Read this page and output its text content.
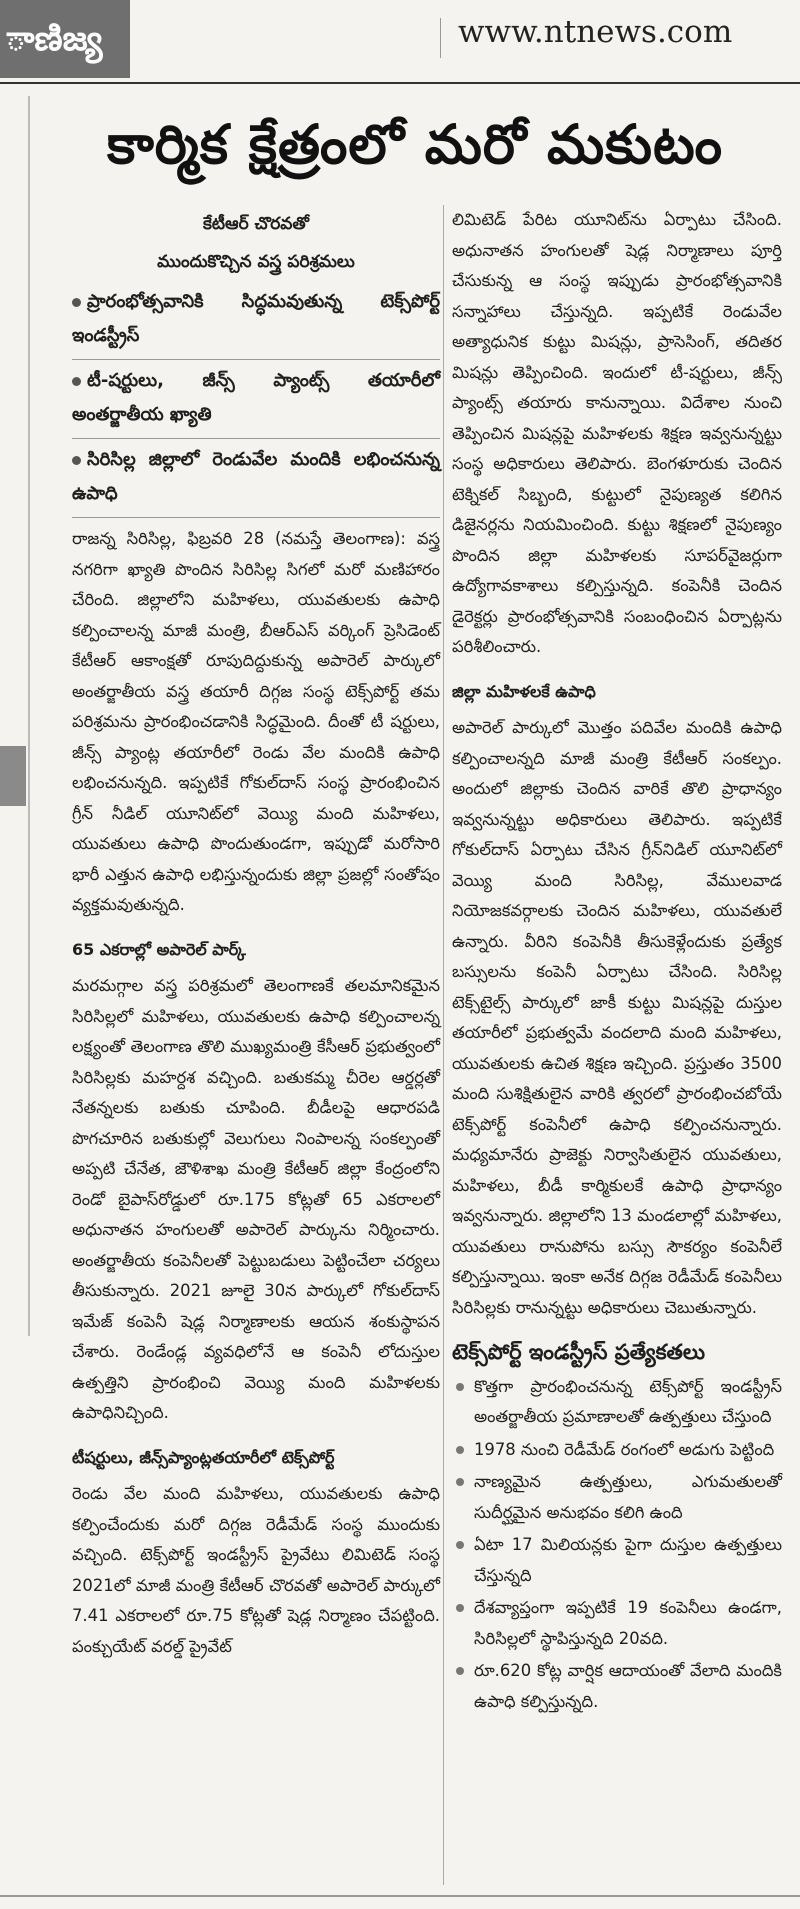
ాణిజ్య	www.ntnews.com
కార్మిక క్షేత్రంలో మరో మకుటం
కేటీఆర్ చొరవతో
ముందుకొచ్చిన వస్త్ర పరిశ్రమలు
ప్రారంభోత్సవానికి సిద్ధమవుతున్న టెక్స్‌పోర్ట్ ఇండస్ట్రీస్
టీ-షర్టులు, జీన్స్ ప్యాంట్స్ తయారీలో అంతర్జాతీయ ఖ్యాతి
సిరిసిల్ల జిల్లాలో రెండువేల మందికి లభించనున్న ఉపాధి

రాజన్న సిరిసిల్ల, ఫిబ్రవరి 28 (నమస్తే తెలంగాణ): వస్త్ర నగరిగా ఖ్యాతి పొందిన సిరిసిల్ల సిగలో మరో మణిహారం చేరింది. జిల్లాలోని మహిళలు, యువతులకు ఉపాధి కల్పించాలన్న మాజీ మంత్రి, బీఆర్ఎస్ వర్కింగ్ ప్రెసిడెంట్ కేటీఆర్ ఆకాంక్షతో రూపుదిద్దుకున్న అపారెల్ పార్కులో అంతర్జాతీయ వస్త్ర తయారీ దిగ్గజ సంస్థ టెక్స్‌పోర్ట్ తమ పరిశ్రమను ప్రారంభించడానికి సిద్ధమైంది. దీంతో టీ షర్టులు, జీన్స్ ప్యాంట్ల తయారీలో రెండు వేల మందికి ఉపాధి లభించనున్నది. ఇప్పటికే గోకుల్‌దాస్ సంస్థ ప్రారంభించిన గ్రీన్ నీడిల్ యూనిట్‌లో వెయ్యి మంది మహిళలు, యువతులు ఉపాధి పొందుతుండగా, ఇప్పుడో మరోసారి భారీ ఎత్తున ఉపాధి లభిస్తున్నందుకు జిల్లా ప్రజల్లో సంతోషం వ్యక్తమవుతున్నది.

65 ఎకరాల్లో అపారెల్ పార్క్

మరమగ్గాల వస్త్ర పరిశ్రమలో తెలంగాణకే తలమానికమైన సిరిసిల్లలో మహిళలు, యువతులకు ఉపాధి కల్పించాలన్న లక్ష్యంతో తెలంగాణ తొలి ముఖ్యమంత్రి కేసీఆర్ ప్రభుత్వంలో సిరిసిల్లకు మహర్దశ వచ్చింది. బతుకమ్మ చీరెల ఆర్డర్లతో నేతన్నలకు బతుకు చూపింది. బీడీలపై ఆధారపడి పొగచూరిన బతుకుల్లో వెలుగులు నింపాలన్న సంకల్పంతో అప్పటి చేనేత, జౌళిశాఖ మంత్రి కేటీఆర్ జిల్లా కేంద్రంలోని రెండో బైపాస్‌రోడ్డులో రూ.175 కోట్లతో 65 ఎకరాలలో అధునాతన హంగులతో అపారెల్ పార్కును నిర్మించారు. అంతర్జాతీయ కంపెనీలతో పెట్టుబడులు పెట్టించేలా చర్యలు తీసుకున్నారు. 2021 జూలై 30న పార్కులో గోకుల్‌దాస్ ఇమేజ్ కంపెనీ షెడ్ల నిర్మాణాలకు ఆయన శంకుస్థాపన చేశారు. రెండేండ్ల వ్యవధిలోనే ఆ కంపెనీ లోదుస్తుల ఉత్పత్తిని ప్రారంభించి వెయ్యి మంది మహిళలకు ఉపాధినిచ్చింది.

టీషర్టులు, జీన్స్‌ప్యాంట్లతయారీలో టెక్స్‌పోర్ట్

రెండు వేల మంది మహిళలు, యువతులకు ఉపాధి కల్పించేందుకు మరో దిగ్గజ రెడీమేడ్ సంస్థ ముందుకు వచ్చింది. టెక్స్‌పోర్ట్ ఇండస్ట్రీస్ ప్రైవేటు లిమిటెడ్ సంస్థ 2021లో మాజీ మంత్రి కేటీఆర్ చొరవతో అపారెల్ పార్కులో 7.41 ఎకరాలలో రూ.75 కోట్లతో షెడ్ల నిర్మాణం చేపట్టింది. పంక్చుయేట్ వరల్డ్ ప్రైవేట్

లిమిటెడ్ పేరిట యూనిట్‌ను ఏర్పాటు చేసింది. అధునాతన హంగులతో షెడ్ల నిర్మాణాలు పూర్తి చేసుకున్న ఆ సంస్థ ఇప్పుడు ప్రారంభోత్సవానికి సన్నాహాలు చేస్తున్నది. ఇప్పటికే రెండువేల అత్యాధునిక కుట్టు మిషన్లు, ప్రాసెసింగ్, తదితర మిషన్లు తెప్పించింది. ఇందులో టీ-షర్టులు, జీన్స్ ప్యాంట్స్ తయారు కానున్నాయి. విదేశాల నుంచి తెప్పించిన మిషన్లపై మహిళలకు శిక్షణ ఇవ్వనున్నట్టు సంస్థ అధికారులు తెలిపారు. బెంగళూరుకు చెందిన టెక్నికల్ సిబ్బంది, కుట్టులో నైపుణ్యత కలిగిన డిజైనర్లను నియమించింది. కుట్టు శిక్షణలో నైపుణ్యం పొందిన జిల్లా మహిళలకు సూపర్‌వైజర్లుగా ఉద్యోగావకాశాలు కల్పిస్తున్నది. కంపెనీకి చెందిన డైరెక్టర్లు ప్రారంభోత్సవానికి సంబంధించిన ఏర్పాట్లను పరిశీలించారు.

జిల్లా మహిళలకే ఉపాధి

అపారెల్ పార్కులో మొత్తం పదివేల మందికి ఉపాధి కల్పించాలన్నది మాజీ మంత్రి కేటీఆర్ సంకల్పం. అందులో జిల్లాకు చెందిన వారికే తొలి ప్రాధాన్యం ఇవ్వనున్నట్టు అధికారులు తెలిపారు. ఇప్పటికే గోకుల్‌దాస్ ఏర్పాటు చేసిన గ్రీన్‌నిడిల్ యూనిట్‌లో వెయ్యి మంది సిరిసిల్ల, వేములవాడ నియోజకవర్గాలకు చెందిన మహిళలు, యువతులే ఉన్నారు. వీరిని కంపెనీకి తీసుకెళ్లేందుకు ప్రత్యేక బస్సులను కంపెనీ ఏర్పాటు చేసింది. సిరిసిల్ల టెక్స్‌టైల్స్ పార్కులో జాకీ కుట్టు మిషన్లపై దుస్తుల తయారీలో ప్రభుత్వమే వందలాది మంది మహిళలు, యువతులకు ఉచిత శిక్షణ ఇచ్చింది. ప్రస్తుతం 3500 మంది సుశిక్షితులైన వారికి త్వరలో ప్రారంభించబోయే టెక్స్‌పోర్ట్ కంపెనీలో ఉపాధి కల్పించనున్నారు. మధ్యమానేరు ప్రాజెక్టు నిర్వాసితులైన యువతులు, మహిళలు, బీడీ కార్మికులకే ఉపాధి ప్రాధాన్యం ఇవ్వనున్నారు. జిల్లాలోని 13 మండలాల్లో మహిళలు, యువతులు రానుపోను బస్సు సౌకర్యం కంపెనీలే కల్పిస్తున్నాయి. ఇంకా అనేక దిగ్గజ రెడీమేడ్ కంపెనీలు సిరిసిల్లకు రానున్నట్టు అధికారులు చెబుతున్నారు.

టెక్స్‌పోర్ట్ ఇండస్ట్రీస్ ప్రత్యేకతలు
కొత్తగా ప్రారంభించనున్న టెక్స్‌పోర్ట్ ఇండస్ట్రీస్ అంతర్జాతీయ ప్రమాణాలతో ఉత్పత్తులు చేస్తుంది
1978 నుంచి రెడీమేడ్ రంగంలో అడుగు పెట్టింది
నాణ్యమైన ఉత్పత్తులు, ఎగుమతులతో సుదీర్ఘమైన అనుభవం కలిగి ఉంది
ఏటా 17 మిలియన్లకు పైగా దుస్తుల ఉత్పత్తులు చేస్తున్నది
దేశవ్యాప్తంగా ఇప్పటికే 19 కంపెనీలు ఉండగా, సిరిసిల్లలో స్థాపిస్తున్నది 20వది.
రూ.620 కోట్ల వార్షిక ఆదాయంతో వేలాది మందికి ఉపాధి కల్పిస్తున్నది.
